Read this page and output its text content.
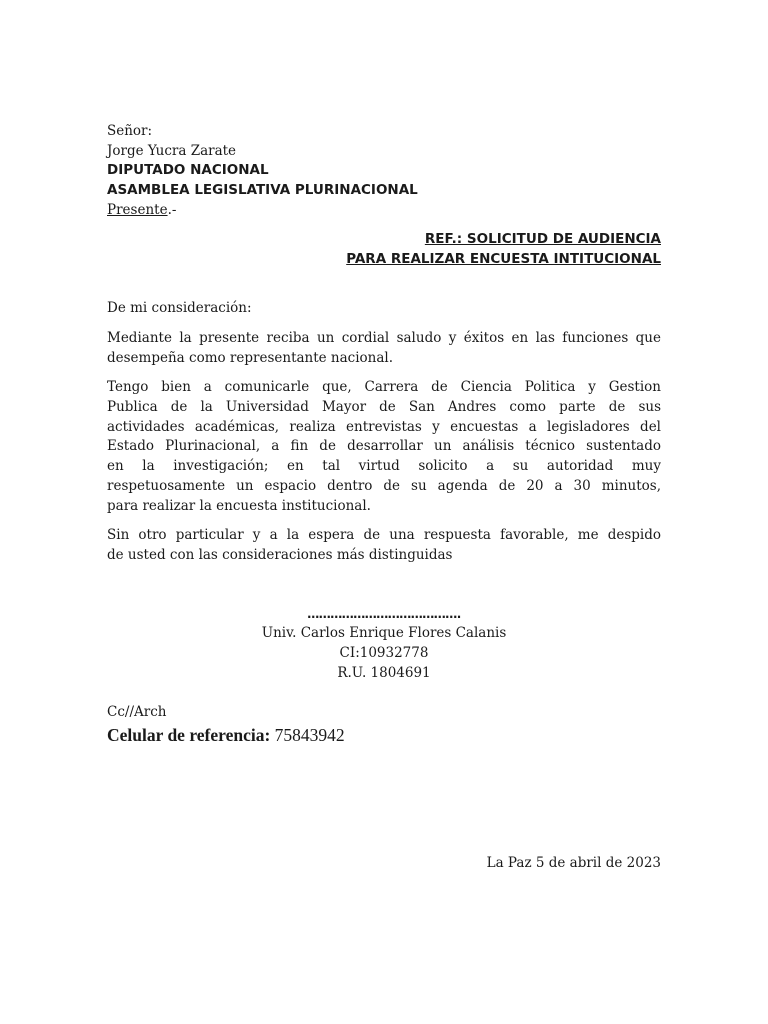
Señor:
Jorge Yucra Zarate
DIPUTADO NACIONAL
ASAMBLEA LEGISLATIVA PLURINACIONAL
Presente.-
REF.: SOLICITUD DE AUDIENCIA
PARA REALIZAR ENCUESTA INTITUCIONAL
De mi consideración:
Mediante la presente reciba un cordial saludo y éxitos en las funciones que
desempeña como representante nacional.
Tengo bien a comunicarle que, Carrera de Ciencia Politica y Gestion
Publica de la Universidad Mayor de San Andres como parte de sus
actividades académicas, realiza entrevistas y encuestas a legisladores del
Estado Plurinacional, a fin de desarrollar un análisis técnico sustentado
en la investigación; en tal virtud solicito a su autoridad muy
respetuosamente un espacio dentro de su agenda de 20 a 30 minutos,
para realizar la encuesta institucional.
Sin otro particular y a la espera de una respuesta favorable, me despido
de usted con las consideraciones más distinguidas
………………………………….
Univ. Carlos Enrique Flores Calanis
CI:10932778
R.U. 1804691
Cc//Arch
Celular de referencia: 75843942
La Paz 5 de abril de 2023
